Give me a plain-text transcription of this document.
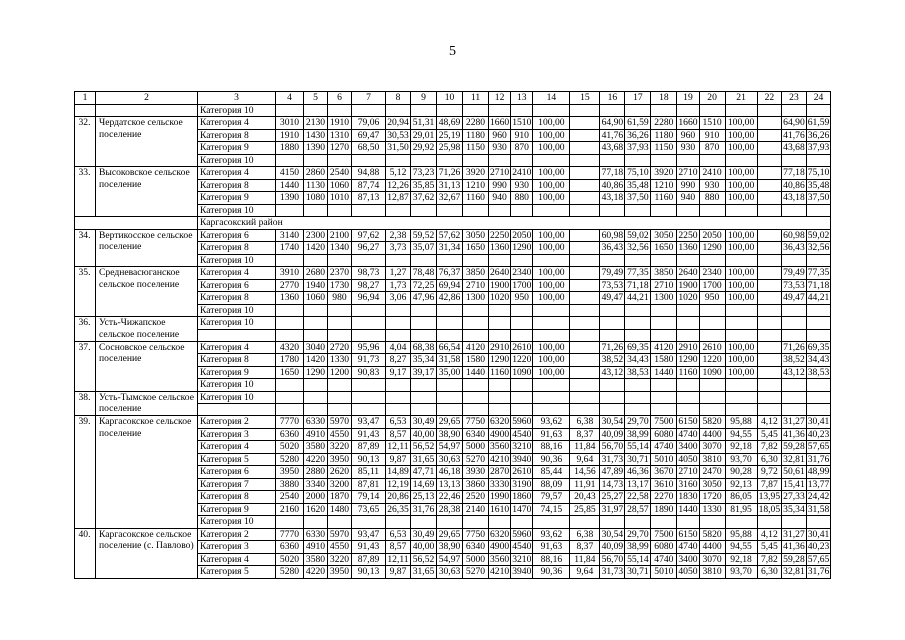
5
1	2	3	4	5	6	7	8	9	10	11	12	13	14	15	16	17	18	19	20	21	22	23	24
		Категория 10																					
32.	Чердатское сельское поселение	Категория 4	3010	2130	1910	79,06	20,94	51,31	48,69	2280	1660	1510	100,00		64,90	61,59	2280	1660	1510	100,00		64,90	61,59
		Категория 8	1910	1430	1310	69,47	30,53	29,01	25,19	1180	960	910	100,00		41,76	36,26	1180	960	910	100,00		41,76	36,26
		Категория 9	1880	1390	1270	68,50	31,50	29,92	25,98	1150	930	870	100,00		43,68	37,93	1150	930	870	100,00		43,68	37,93
		Категория 10																					
33.	Высоковское сельское поселение	Категория 4	4150	2860	2540	94,88	5,12	73,23	71,26	3920	2710	2410	100,00		77,18	75,10	3920	2710	2410	100,00		77,18	75,10
		Категория 8	1440	1130	1060	87,74	12,26	35,85	31,13	1210	990	930	100,00		40,86	35,48	1210	990	930	100,00		40,86	35,48
		Категория 9	1390	1080	1010	87,13	12,87	37,62	32,67	1160	940	880	100,00		43,18	37,50	1160	940	880	100,00		43,18	37,50
		Категория 10																					
		Каргасокский район																					
34.	Вертикосское сельское поселение	Категория 6	3140	2300	2100	97,62	2,38	59,52	57,62	3050	2250	2050	100,00		60,98	59,02	3050	2250	2050	100,00		60,98	59,02
		Категория 8	1740	1420	1340	96,27	3,73	35,07	31,34	1650	1360	1290	100,00		36,43	32,56	1650	1360	1290	100,00		36,43	32,56
		Категория 10																					
35.	Средневасюганское сельское поселение	Категория 4	3910	2680	2370	98,73	1,27	78,48	76,37	3850	2640	2340	100,00		79,49	77,35	3850	2640	2340	100,00		79,49	77,35
		Категория 6	2770	1940	1730	98,27	1,73	72,25	69,94	2710	1900	1700	100,00		73,53	71,18	2710	1900	1700	100,00		73,53	71,18
		Категория 8	1360	1060	980	96,94	3,06	47,96	42,86	1300	1020	950	100,00		49,47	44,21	1300	1020	950	100,00		49,47	44,21
		Категория 10																					
36.	Усть-Чижапское сельское поселение	Категория 10																					

37.	Сосновское сельское поселение	Категория 4	4320	3040	2720	95,96	4,04	68,38	66,54	4120	2910	2610	100,00		71,26	69,35	4120	2910	2610	100,00		71,26	69,35
		Категория 8	1780	1420	1330	91,73	8,27	35,34	31,58	1580	1290	1220	100,00		38,52	34,43	1580	1290	1220	100,00		38,52	34,43
		Категория 9	1650	1290	1200	90,83	9,17	39,17	35,00	1440	1160	1090	100,00		43,12	38,53	1440	1160	1090	100,00		43,12	38,53
		Категория 10																					
38.	Усть-Тымское сельское поселение	Категория 10																					

39.	Каргасокское сельское поселение	Категория 2	7770	6330	5970	93,47	6,53	30,49	29,65	7750	6320	5960	93,62	6,38	30,54	29,70	7500	6150	5820	95,88	4,12	31,27	30,41
		Категория 3	6360	4910	4550	91,43	8,57	40,00	38,90	6340	4900	4540	91,63	8,37	40,09	38,99	6080	4740	4400	94,55	5,45	41,36	40,23
		Категория 4	5020	3580	3220	87,89	12,11	56,52	54,97	5000	3560	3210	88,16	11,84	56,70	55,14	4740	3400	3070	92,18	7,82	59,28	57,65
		Категория 5	5280	4220	3950	90,13	9,87	31,65	30,63	5270	4210	3940	90,36	9,64	31,73	30,71	5010	4050	3810	93,70	6,30	32,81	31,76
		Категория 6	3950	2880	2620	85,11	14,89	47,71	46,18	3930	2870	2610	85,44	14,56	47,89	46,36	3670	2710	2470	90,28	9,72	50,61	48,99
		Категория 7	3880	3340	3200	87,81	12,19	14,69	13,13	3860	3330	3190	88,09	11,91	14,73	13,17	3610	3160	3050	92,13	7,87	15,41	13,77
		Категория 8	2540	2000	1870	79,14	20,86	25,13	22,46	2520	1990	1860	79,57	20,43	25,27	22,58	2270	1830	1720	86,05	13,95	27,33	24,42
		Категория 9	2160	1620	1480	73,65	26,35	31,76	28,38	2140	1610	1470	74,15	25,85	31,97	28,57	1890	1440	1330	81,95	18,05	35,34	31,58
		Категория 10																					
40.	Каргасокское сельское поселение (с. Павлово)	Категория 2	7770	6330	5970	93,47	6,53	30,49	29,65	7750	6320	5960	93,62	6,38	30,54	29,70	7500	6150	5820	95,88	4,12	31,27	30,41
		Категория 3	6360	4910	4550	91,43	8,57	40,00	38,90	6340	4900	4540	91,63	8,37	40,09	38,99	6080	4740	4400	94,55	5,45	41,36	40,23
		Категория 4	5020	3580	3220	87,89	12,11	56,52	54,97	5000	3560	3210	88,16	11,84	56,70	55,14	4740	3400	3070	92,18	7,82	59,28	57,65
		Категория 5	5280	4220	3950	90,13	9,87	31,65	30,63	5270	4210	3940	90,36	9,64	31,73	30,71	5010	4050	3810	93,70	6,30	32,81	31,76
